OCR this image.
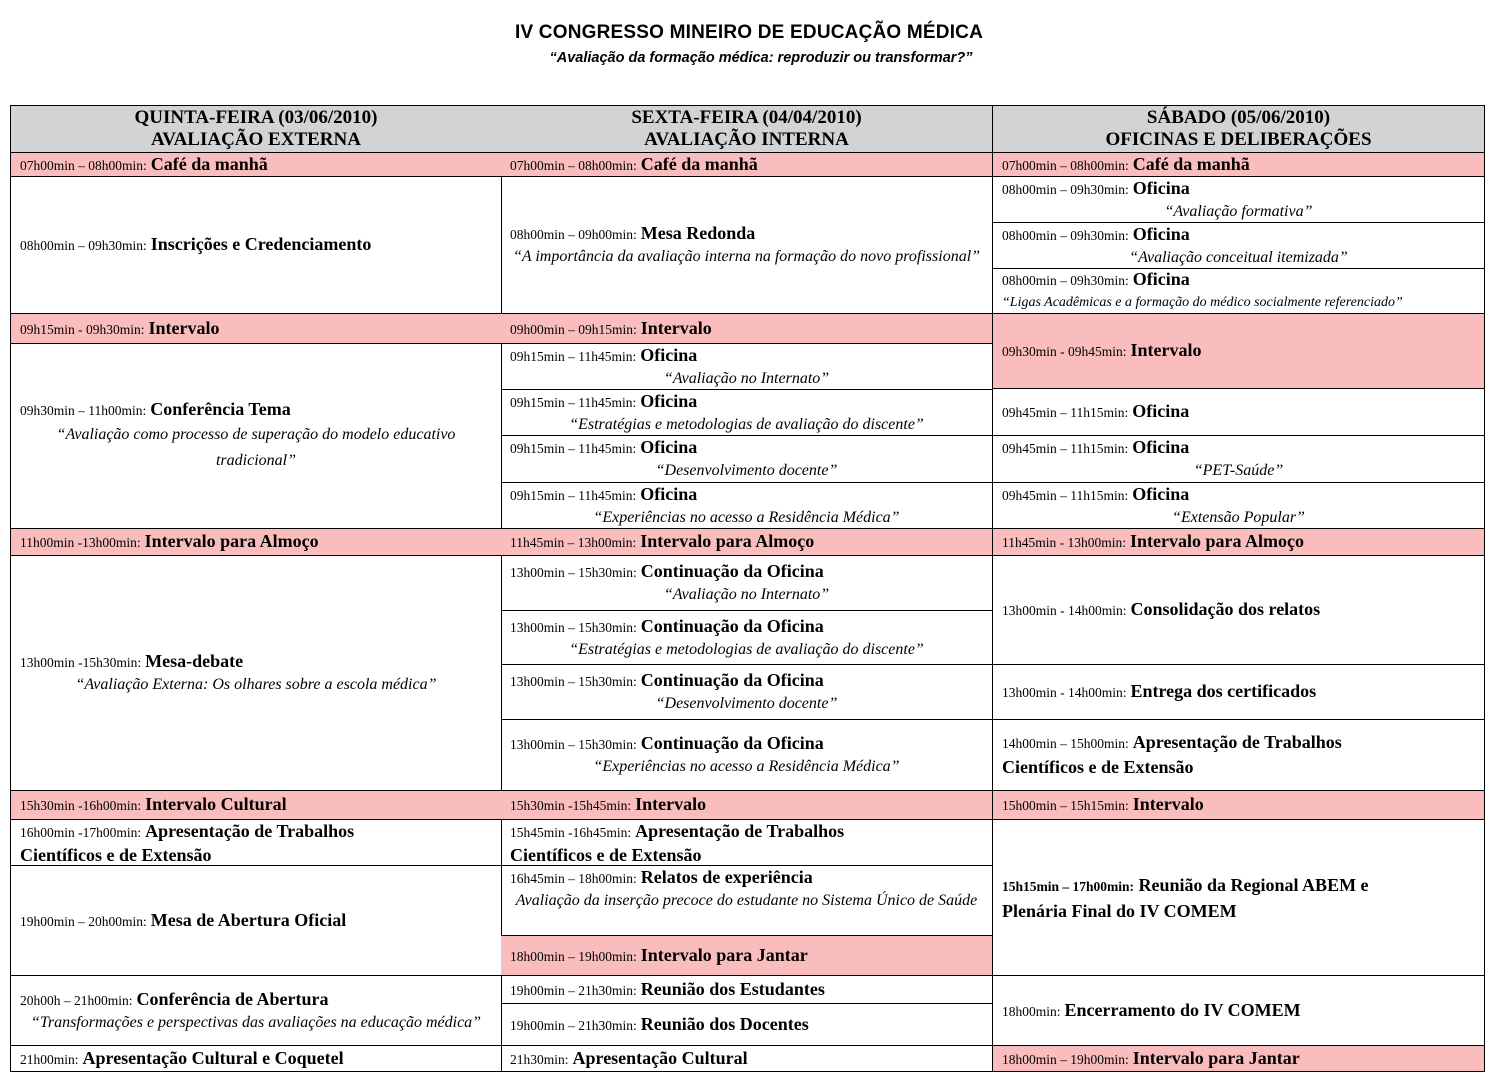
IV CONGRESSO MINEIRO DE EDUCAÇÃO MÉDICA
“Avaliação da formação médica: reproduzir ou transformar?”
QUINTA-FEIRA (03/06/2010)
AVALIAÇÃO EXTERNA
07h00min – 08h00min: Café da manhã
08h00min – 09h30min: Inscrições e Credenciamento
09h15min - 09h30min: Intervalo
09h30min – 11h00min: Conferência Tema
“Avaliação como processo de superação do modelo educativo tradicional”
11h00min -13h00min: Intervalo para Almoço
13h00min -15h30min: Mesa-debate
“Avaliação Externa: Os olhares sobre a escola médica”
15h30min -16h00min: Intervalo Cultural
16h00min -17h00min: Apresentação de Trabalhos
Científicos e de Extensão
19h00min – 20h00min: Mesa de Abertura Oficial
20h00h – 21h00min: Conferência de Abertura
“Transformações e perspectivas das avaliações na educação médica”
21h00min: Apresentação Cultural e Coquetel
SEXTA-FEIRA (04/04/2010)
AVALIAÇÃO INTERNA
07h00min – 08h00min: Café da manhã
08h00min – 09h00min: Mesa Redonda
“A importância da avaliação interna na formação do novo profissional”
09h00min – 09h15min: Intervalo
09h15min – 11h45min: Oficina
“Avaliação no Internato”
09h15min – 11h45min: Oficina
“Estratégias e metodologias de avaliação do discente”
09h15min – 11h45min: Oficina
“Desenvolvimento docente”
09h15min – 11h45min: Oficina
“Experiências no acesso a Residência Médica”
11h45min – 13h00min: Intervalo para Almoço
13h00min – 15h30min: Continuação da Oficina
“Avaliação no Internato”
13h00min – 15h30min: Continuação da Oficina
“Estratégias e metodologias de avaliação do discente”
13h00min – 15h30min: Continuação da Oficina
“Desenvolvimento docente”
13h00min – 15h30min: Continuação da Oficina
“Experiências no acesso a Residência Médica”
15h30min -15h45min: Intervalo
15h45min -16h45min: Apresentação de Trabalhos
Científicos e de Extensão
16h45min – 18h00min: Relatos de experiência
Avaliação da inserção precoce do estudante no Sistema Único de Saúde
18h00min – 19h00min: Intervalo para Jantar
19h00min – 21h30min: Reunião dos Estudantes
19h00min – 21h30min: Reunião dos Docentes
21h30min: Apresentação Cultural
SÁBADO (05/06/2010)
OFICINAS E DELIBERAÇÕES
07h00min – 08h00min: Café da manhã
08h00min – 09h30min: Oficina
“Avaliação formativa”
08h00min – 09h30min: Oficina
“Avaliação conceitual itemizada”
08h00min – 09h30min: Oficina
“Ligas Acadêmicas e a formação do médico socialmente referenciado”
09h30min - 09h45min: Intervalo
09h45min – 11h15min: Oficina
09h45min – 11h15min: Oficina
“PET-Saúde”
09h45min – 11h15min: Oficina
“Extensão Popular”
11h45min - 13h00min: Intervalo para Almoço
13h00min - 14h00min: Consolidação dos relatos
13h00min - 14h00min: Entrega dos certificados
14h00min – 15h00min: Apresentação de Trabalhos
Científicos e de Extensão
15h00min – 15h15min: Intervalo
15h15min – 17h00min: Reunião da Regional ABEM e
Plenária Final do IV COMEM
18h00min: Encerramento do IV COMEM
18h00min – 19h00min: Intervalo para Jantar
